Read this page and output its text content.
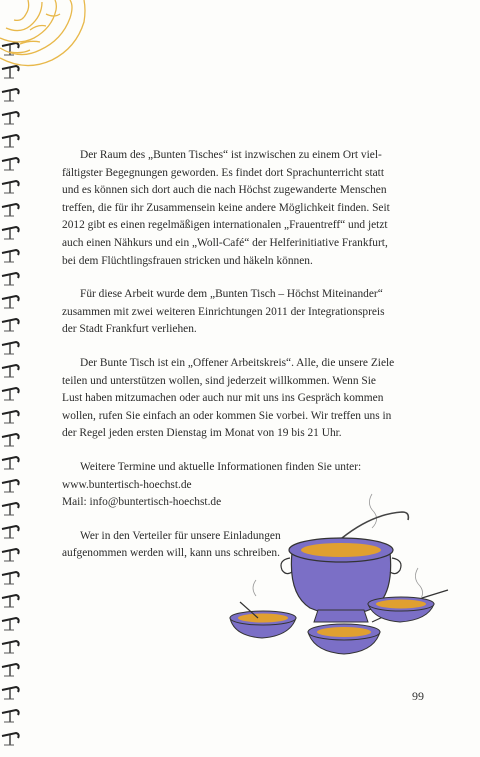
Der Raum des „Bunten Tisches“ ist inzwischen zu einem Ort viel-
fältigster Begegnungen geworden. Es findet dort Sprachunterricht statt
und es können sich dort auch die nach Höchst zugewanderte Menschen
treffen, die für ihr Zusammensein keine andere Möglichkeit finden. Seit
2012 gibt es einen regelmäßigen internationalen „Frauentreff“ und jetzt
auch einen Nähkurs und ein „Woll-Café“ der Helferinitiative Frankfurt,
bei dem Flüchtlingsfrauen stricken und häkeln können.

Für diese Arbeit wurde dem „Bunten Tisch – Höchst Miteinander“
zusammen mit zwei weiteren Einrichtungen 2011 der Integrationspreis
der Stadt Frankfurt verliehen.

Der Bunte Tisch ist ein „Offener Arbeitskreis“. Alle, die unsere Ziele
teilen und unterstützen wollen, sind jederzeit willkommen. Wenn Sie
Lust haben mitzumachen oder auch nur mit uns ins Gespräch kommen
wollen, rufen Sie einfach an oder kommen Sie vorbei. Wir treffen uns in
der Regel jeden ersten Dienstag im Monat von 19 bis 21 Uhr.

Weitere Termine und aktuelle Informationen finden Sie unter:
www.buntertisch-hoechst.de
Mail: info@buntertisch-hoechst.de

Wer in den Verteiler für unsere Einladungen
aufgenommen werden will, kann uns schreiben.

99
